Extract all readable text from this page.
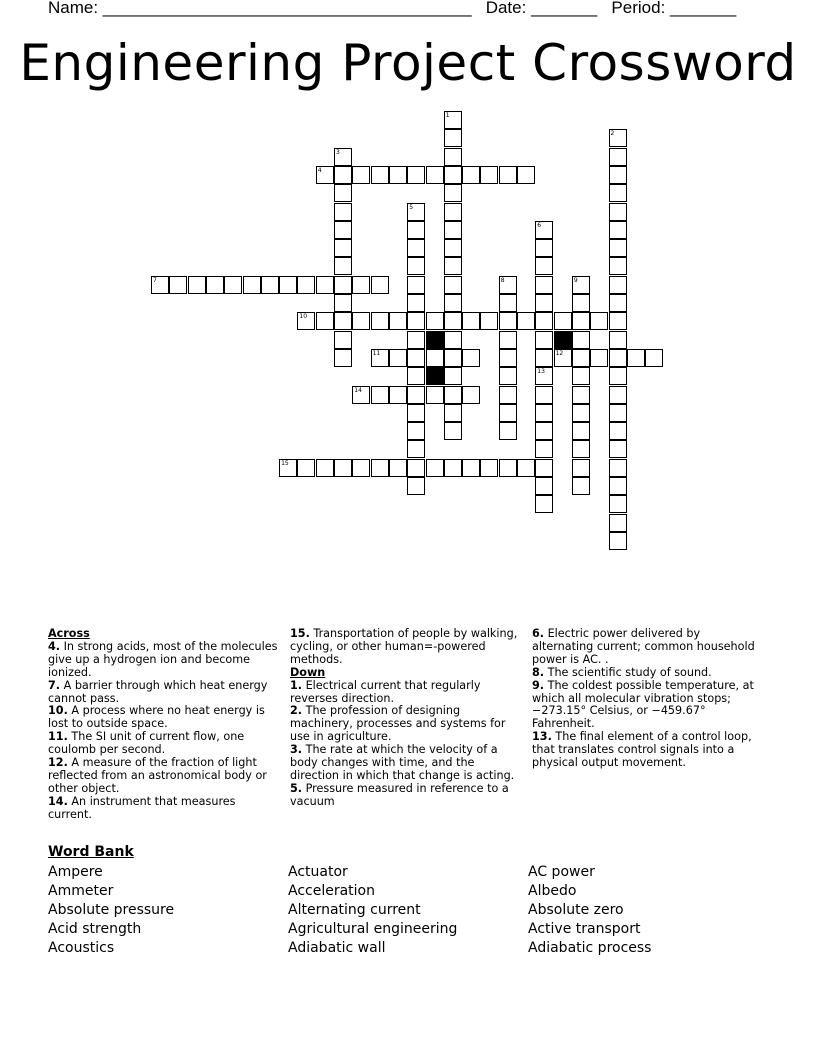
Name: _______________________________________ Date: _______ Period: _______
Engineering Project Crossword
1
2
3
4
5
6
13
7	8	9
10
11	12
14
15

Across

4. In strong acids, most of the molecules give up a hydrogen ion and become ionized.

7. A barrier through which heat energy cannot pass.

10. A process where no heat energy is lost to outside space.

11. The SI unit of current flow, one coulomb per second.

12. A measure of the fraction of light reflected from an astronomical body or other object.

14. An instrument that measures current.

15. Transportation of people by walking, cycling, or other human=-powered methods.

Down

1. Electrical current that regularly reverses direction.

2. The profession of designing machinery, processes and systems for use in agriculture.

3. The rate at which the velocity of a body changes with time, and the direction in which that change is acting.

5. Pressure measured in reference to a vacuum

6. Electric power delivered by alternating current; common household power is AC. .

8. The scientific study of sound.

9. The coldest possible temperature, at which all molecular vibration stops; −273.15° Celsius, or −459.67° Fahrenheit.

13. The final element of a control loop, that translates control signals into a physical output movement.

Word Bank
Ampere
Ammeter
Absolute pressure
Acid strength
Acoustics
Actuator
Acceleration
Alternating current
Agricultural engineering
Adiabatic wall
AC power
Albedo
Absolute zero
Active transport
Adiabatic process
